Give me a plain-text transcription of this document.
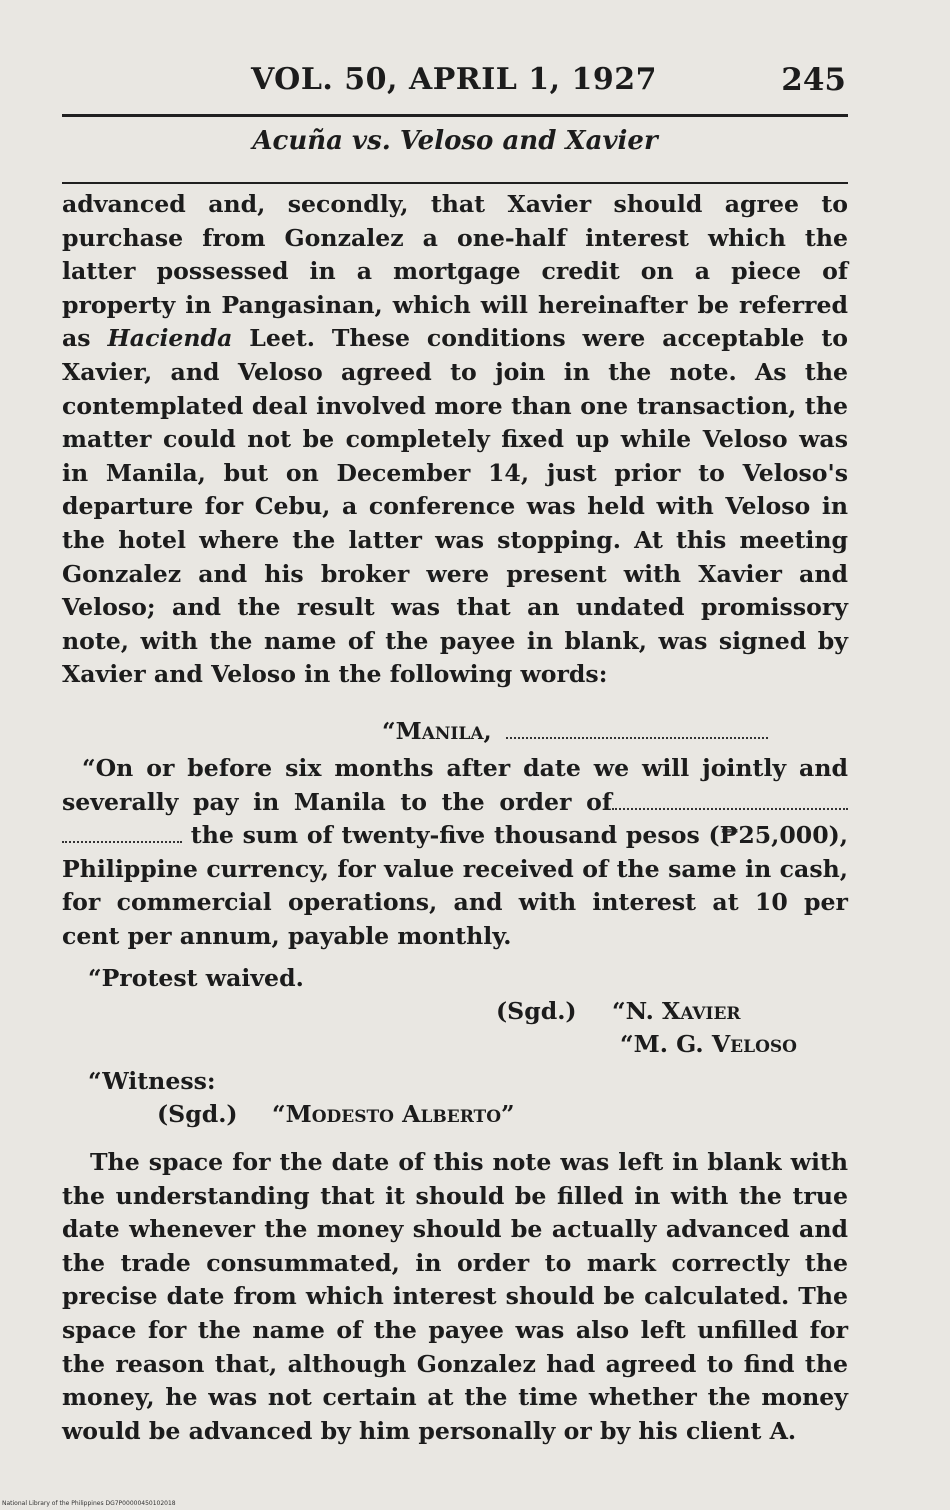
VOL. 50, APRIL 1, 1927	245
Acuña vs. Veloso and Xavier

advanced and, secondly, that Xavier should agree to purchase from Gonzalez a one-half interest which the latter possessed in a mortgage credit on a piece of property in Pangasinan, which will hereinafter be referred as Hacienda Leet. These conditions were acceptable to Xavier, and Veloso agreed to join in the note. As the contemplated deal involved more than one transaction, the matter could not be completely fixed up while Veloso was in Manila, but on December 14, just prior to Veloso's departure for Cebu, a conference was held with Veloso in the hotel where the latter was stopping. At this meeting Gonzalez and his broker were present with Xavier and Veloso; and the result was that an undated promissory note, with the name of the payee in blank, was signed by Xavier and Veloso in the following words:

“Manila,

“On or before six months after date we will jointly and severally pay in Manila to the order of  the sum of twenty-five thousand pesos (₱25,000), Philippine currency, for value received of the same in cash, for commercial operations, and with interest at 10 per cent per annum, payable monthly.

“Protest waived.
(Sgd.) “N. Xavier
“M. G. Veloso
“Witness:
(Sgd.) “Modesto Alberto”

The space for the date of this note was left in blank with the understanding that it should be filled in with the true date whenever the money should be actually advanced and the trade consummated, in order to mark correctly the precise date from which interest should be calculated. The space for the name of the payee was also left unfilled for the reason that, although Gonzalez had agreed to find the money, he was not certain at the time whether the money would be advanced by him personally or by his client A.

National Library of the Philippines DG7P00000450102018
